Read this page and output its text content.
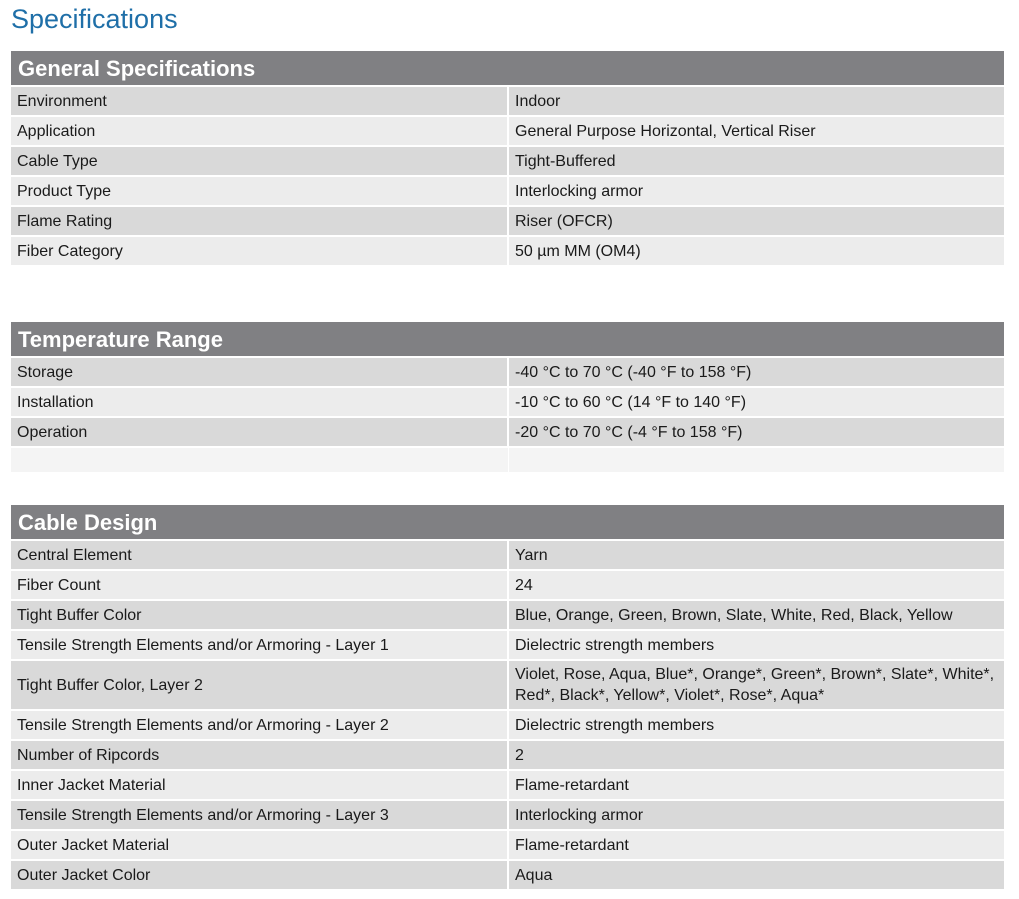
Specifications
General Specifications
Environment	Indoor
Application	General Purpose Horizontal, Vertical Riser
Cable Type	Tight-Buffered
Product Type	Interlocking armor
Flame Rating	Riser (OFCR)
Fiber Category	50 µm MM (OM4)
Temperature Range
Storage	-40 °C to 70 °C (-40 °F to 158 °F)
Installation	-10 °C to 60 °C (14 °F to 140 °F)
Operation	-20 °C to 70 °C (-4 °F to 158 °F)

Cable Design
Central Element	Yarn
Fiber Count	24
Tight Buffer Color	Blue, Orange, Green, Brown, Slate, White, Red, Black, Yellow
Tensile Strength Elements and/or Armoring - Layer 1	Dielectric strength members
Tight Buffer Color, Layer 2	Violet, Rose, Aqua, Blue*, Orange*, Green*, Brown*, Slate*, White*, Red*, Black*, Yellow*, Violet*, Rose*, Aqua*
Tensile Strength Elements and/or Armoring - Layer 2	Dielectric strength members
Number of Ripcords	2
Inner Jacket Material	Flame-retardant
Tensile Strength Elements and/or Armoring - Layer 3	Interlocking armor
Outer Jacket Material	Flame-retardant
Outer Jacket Color	Aqua
